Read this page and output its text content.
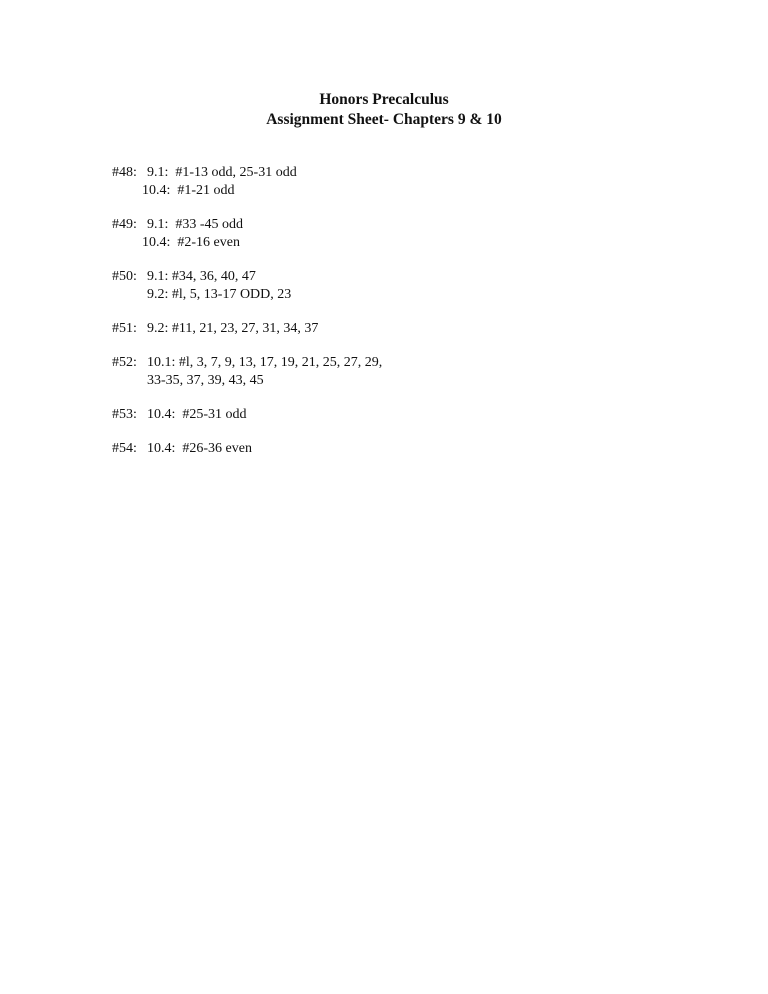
Honors Precalculus
Assignment Sheet- Chapters 9 & 10
#48: 9.1:  #1-13 odd, 25-31 odd
10.4:  #1-21 odd
#49: 9.1:  #33 -45 odd
10.4:  #2-16 even
#50: 9.1: #34, 36, 40, 47
9.2: #l, 5, 13-17 ODD, 23
#51: 9.2: #11, 21, 23, 27, 31, 34, 37
#52: 10.1: #l, 3, 7, 9, 13, 17, 19, 21, 25, 27, 29,
33-35, 37, 39, 43, 45
#53: 10.4:  #25-31 odd
#54: 10.4:  #26-36 even
